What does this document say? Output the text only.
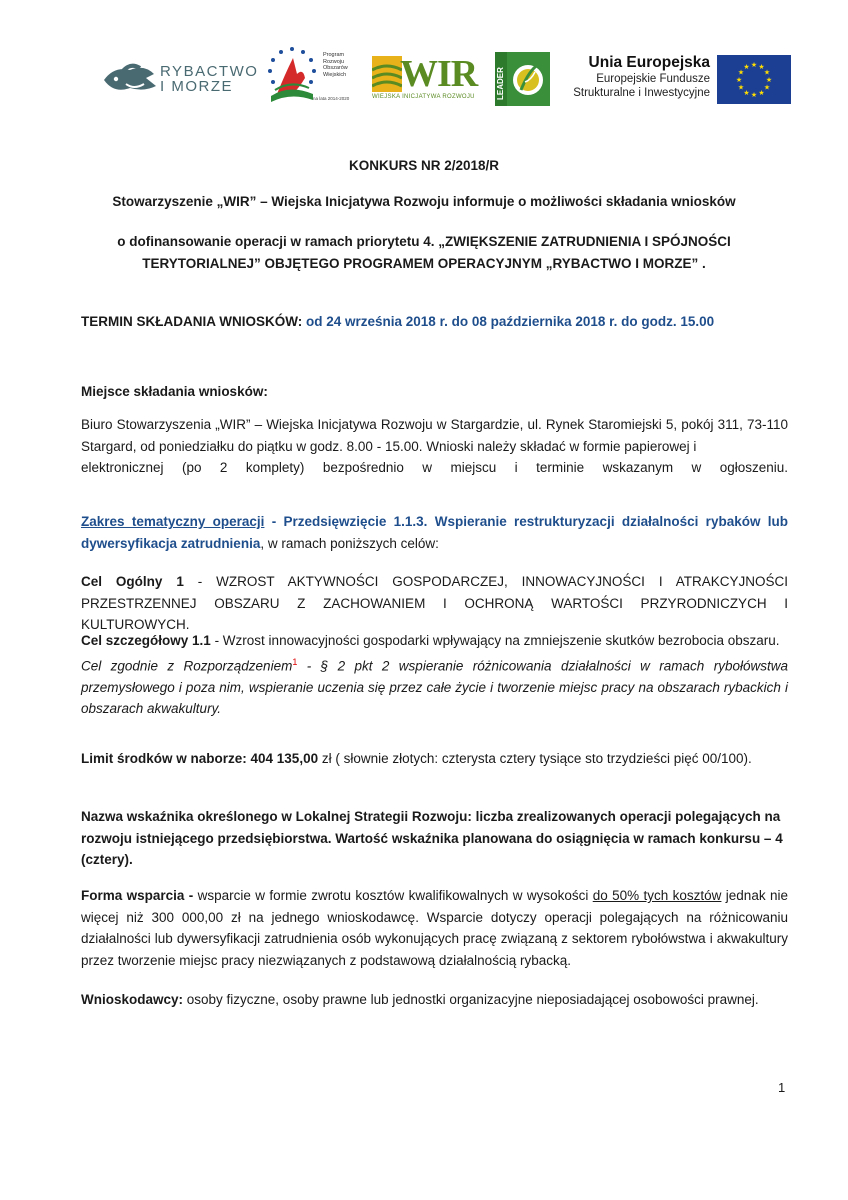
RYBACTWO
I MORZE
Program Rozwoju Obszarów Wiejskich
na lata 2014-2020
WIR
WIEJSKA INICJATYWA ROZWOJU	LEADER
Unia Europejska
Europejskie Fundusze
Strukturalne i Inwestycyjne
★ ★
★
★
★
★
★
★
★
★
★
★
KONKURS NR 2/2018/R
Stowarzyszenie „WIR” – Wiejska Inicjatywa Rozwoju informuje o możliwości składania wniosków
o dofinansowanie operacji w ramach priorytetu 4. „ZWIĘKSZENIE ZATRUDNIENIA I SPÓJNOŚCI
TERYTORIALNEJ” OBJĘTEGO PROGRAMEM OPERACYJNYM „RYBACTWO I MORZE” .
TERMIN SKŁADANIA WNIOSKÓW: od 24 września 2018 r. do 08 października 2018 r. do godz. 15.00
Miejsce składania wniosków:
Biuro Stowarzyszenia „WIR” – Wiejska Inicjatywa Rozwoju w Stargardzie, ul. Rynek Staromiejski 5, pokój 311, 73-110 Stargard, od poniedziałku do piątku w godz. 8.00 - 15.00. Wnioski należy składać w formie papierowej i
elektronicznej (po 2 komplety) bezpośrednio w miejscu i terminie wskazanym w ogłoszeniu.
Zakres tematyczny operacji - Przedsięwzięcie 1.1.3. Wspieranie restrukturyzacji działalności rybaków lub dywersyfikacja zatrudnienia, w ramach poniższych celów:
Cel Ogólny 1 - WZROST AKTYWNOŚCI GOSPODARCZEJ, INNOWACYJNOŚCI I ATRAKCYJNOŚCI PRZESTRZENNEJ OBSZARU Z ZACHOWANIEM I OCHRONĄ WARTOŚCI PRZYRODNICZYCH I KULTUROWYCH.
Cel szczegółowy 1.1 - Wzrost innowacyjności gospodarki wpływający na zmniejszenie skutków bezrobocia obszaru.
Cel zgodnie z Rozporządzeniem$^1$ - § 2 pkt 2 wspieranie różnicowania działalności w ramach rybołówstwa przemysłowego i poza nim, wspieranie uczenia się przez całe życie i tworzenie miejsc pracy na obszarach rybackich i obszarach akwakultury.
Limit środków w naborze: 404 135,00 zł ( słownie złotych: czterysta cztery tysiące sto trzydzieści pięć 00/100).
Nazwa wskaźnika określonego w Lokalnej Strategii Rozwoju: liczba zrealizowanych operacji polegających na rozwoju istniejącego przedsiębiorstwa. Wartość wskaźnika planowana do osiągnięcia w ramach konkursu – 4 (cztery).
Forma wsparcia - wsparcie w formie zwrotu kosztów kwalifikowalnych w wysokości do 50% tych kosztów jednak nie więcej niż 300 000,00 zł na jednego wnioskodawcę. Wsparcie dotyczy operacji polegających na różnicowaniu działalności lub dywersyfikacji zatrudnienia osób wykonujących pracę związaną z sektorem rybołówstwa i akwakultury przez tworzenie miejsc pracy niezwiązanych z podstawową działalnością rybacką.
Wnioskodawcy: osoby fizyczne, osoby prawne lub jednostki organizacyjne nieposiadającej osobowości prawnej.
1
